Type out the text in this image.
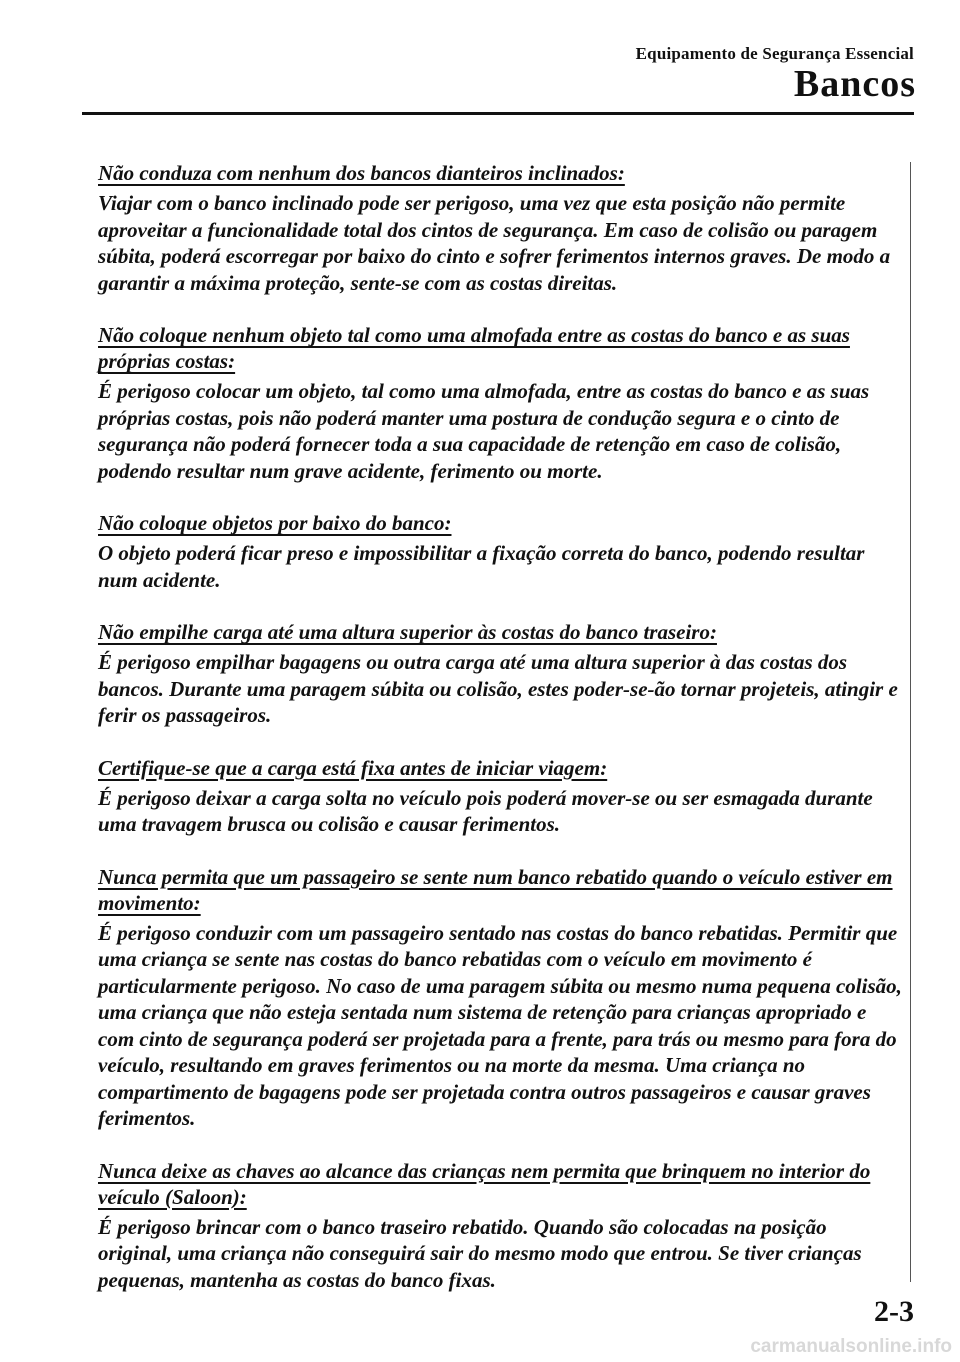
Equipamento de Segurança Essencial
Bancos
Não conduza com nenhum dos bancos dianteiros inclinados:
Viajar com o banco inclinado pode ser perigoso, uma vez que esta posição não permite aproveitar a funcionalidade total dos cintos de segurança. Em caso de colisão ou paragem súbita, poderá escorregar por baixo do cinto e sofrer ferimentos internos graves. De modo a garantir a máxima proteção, sente-se com as costas direitas.
Não coloque nenhum objeto tal como uma almofada entre as costas do banco e as suas próprias costas:
É perigoso colocar um objeto, tal como uma almofada, entre as costas do banco e as suas próprias costas, pois não poderá manter uma postura de condução segura e o cinto de segurança não poderá fornecer toda a sua capacidade de retenção em caso de colisão, podendo resultar num grave acidente, ferimento ou morte.
Não coloque objetos por baixo do banco:
O objeto poderá ficar preso e impossibilitar a fixação correta do banco, podendo resultar num acidente.
Não empilhe carga até uma altura superior às costas do banco traseiro:
É perigoso empilhar bagagens ou outra carga até uma altura superior à das costas dos bancos. Durante uma paragem súbita ou colisão, estes poder-se-ão tornar projeteis, atingir e ferir os passageiros.
Certifique-se que a carga está fixa antes de iniciar viagem:
É perigoso deixar a carga solta no veículo pois poderá mover-se ou ser esmagada durante uma travagem brusca ou colisão e causar ferimentos.
Nunca permita que um passageiro se sente num banco rebatido quando o veículo estiver em movimento:
É perigoso conduzir com um passageiro sentado nas costas do banco rebatidas. Permitir que uma criança se sente nas costas do banco rebatidas com o veículo em movimento é particularmente perigoso. No caso de uma paragem súbita ou mesmo numa pequena colisão, uma criança que não esteja sentada num sistema de retenção para crianças apropriado e com cinto de segurança poderá ser projetada para a frente, para trás ou mesmo para fora do veículo, resultando em graves ferimentos ou na morte da mesma. Uma criança no compartimento de bagagens pode ser projetada contra outros passageiros e causar graves ferimentos.
Nunca deixe as chaves ao alcance das crianças nem permita que brinquem no interior do veículo (Saloon):
É perigoso brincar com o banco traseiro rebatido. Quando são colocadas na posição original, uma criança não conseguirá sair do mesmo modo que entrou. Se tiver crianças pequenas, mantenha as costas do banco fixas.
2-3
carmanualsonline.info
